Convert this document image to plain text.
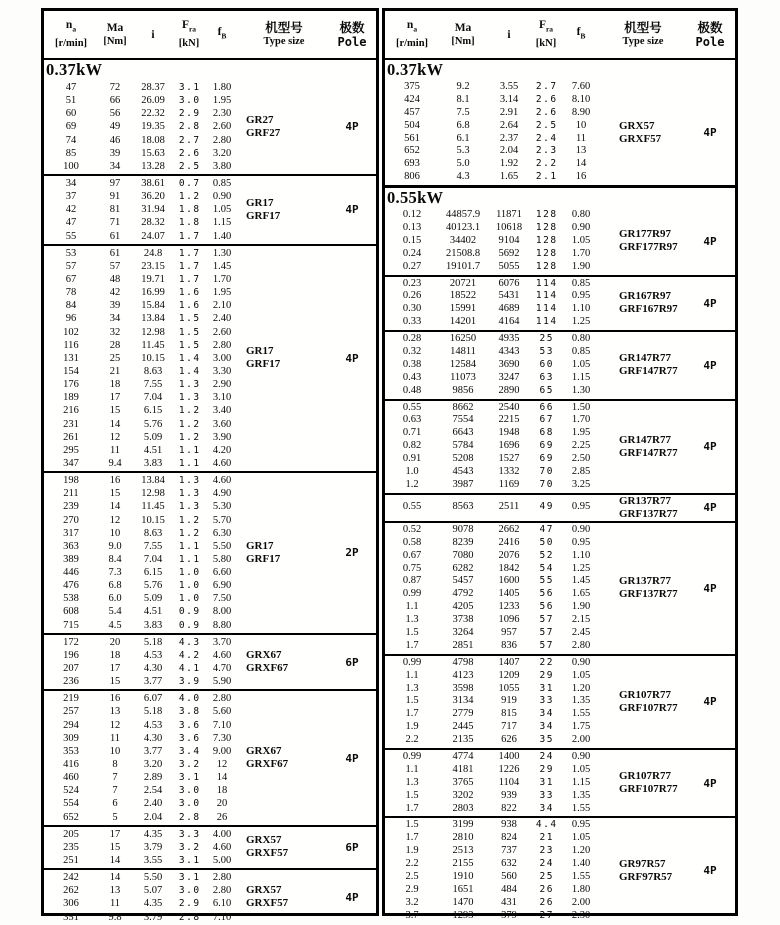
$n_a$
[r/min]
Ma
[Nm]
i
$F_{ra}$
[kN]
$f_B$
机型号
Type size
极数
Pole
0.37kW
47	72	28.37	3.1	1.80
51	66	26.09	3.0	1.95
60	56	22.32	2.9	2.30
69	49	19.35	2.8	2.60
74	46	18.08	2.7	2.80
85	39	15.63	2.6	3.20
100	34	13.28	2.5	3.80
GR27
GRF27	4P
34	97	38.61	0.7	0.85
37	91	36.20	1.2	0.90
42	81	31.94	1.8	1.05
47	71	28.32	1.8	1.15
55	61	24.07	1.7	1.40
GR17
GRF17	4P
53	61	24.8	1.7	1.30
57	57	23.15	1.7	1.45
67	48	19.71	1.7	1.70
78	42	16.99	1.6	1.95
84	39	15.84	1.6	2.10
96	34	13.84	1.5	2.40
102	32	12.98	1.5	2.60
116	28	11.45	1.5	2.80
131	25	10.15	1.4	3.00
154	21	8.63	1.4	3.30
176	18	7.55	1.3	2.90
189	17	7.04	1.3	3.10
216	15	6.15	1.2	3.40
231	14	5.76	1.2	3.60
261	12	5.09	1.2	3.90
295	11	4.51	1.1	4.20
347	9.4	3.83	1.1	4.60
GR17
GRF17	4P
198	16	13.84	1.3	4.60
211	15	12.98	1.3	4.90
239	14	11.45	1.3	5.30
270	12	10.15	1.2	5.70
317	10	8.63	1.2	6.30
363	9.0	7.55	1.1	5.50
389	8.4	7.04	1.1	5.80
446	7.3	6.15	1.0	6.60
476	6.8	5.76	1.0	6.90
538	6.0	5.09	1.0	7.50
608	5.4	4.51	0.9	8.00
715	4.5	3.83	0.9	8.80
GR17
GRF17	2P
172	20	5.18	4.3	3.70
196	18	4.53	4.2	4.60
207	17	4.30	4.1	4.70
236	15	3.77	3.9	5.90
GRX67
GRXF67	6P
219	16	6.07	4.0	2.80
257	13	5.18	3.8	5.60
294	12	4.53	3.6	7.10
309	11	4.30	3.6	7.30
353	10	3.77	3.4	9.00
416	8	3.20	3.2	12
460	7	2.89	3.1	14
524	7	2.54	3.0	18
554	6	2.40	3.0	20
652	5	2.04	2.8	26
GRX67
GRXF67	4P
205	17	4.35	3.3	4.00
235	15	3.79	3.2	4.60
251	14	3.55	3.1	5.00
GRX57
GRXF57	6P
242	14	5.50	3.1	2.80
262	13	5.07	3.0	2.80
306	11	4.35	2.9	6.10
351	9.8	3.79	2.8	7.10
GRX57
GRXF57	4P
$n_a$
[r/min]
Ma
[Nm]
i
$F_{ra}$
[kN]
$f_B$
机型号
Type size
极数
Pole
0.37kW
375	9.2	3.55	2.7	7.60
424	8.1	3.14	2.6	8.10
457	7.5	2.91	2.6	8.90
504	6.8	2.64	2.5	10
561	6.1	2.37	2.4	11
652	5.3	2.04	2.3	13
693	5.0	1.92	2.2	14
806	4.3	1.65	2.1	16
GRX57
GRXF57	4P
0.55kW
0.12	44857.9	11871	128	0.80
0.13	40123.1	10618	128	0.90
0.15	34402	9104	128	1.05
0.24	21508.8	5692	128	1.70
0.27	19101.7	5055	128	1.90
GR177R97
GRF177R97	4P
0.23	20721	6076	114	0.85
0.26	18522	5431	114	0.95
0.30	15991	4689	114	1.10
0.33	14201	4164	114	1.25
GR167R97
GRF167R97	4P
0.28	16250	4935	25	0.80
0.32	14811	4343	53	0.85
0.38	12584	3690	60	1.05
0.43	11073	3247	63	1.15
0.48	9856	2890	65	1.30
GR147R77
GRF147R77	4P
0.55	8662	2540	66	1.50
0.63	7554	2215	67	1.70
0.71	6643	1948	68	1.95
0.82	5784	1696	69	2.25
0.91	5208	1527	69	2.50
1.0	4543	1332	70	2.85
1.2	3987	1169	70	3.25
GR147R77
GRF147R77	4P
0.55	8563	2511	49	0.95
GR137R77
GRF137R77	4P
0.52	9078	2662	47	0.90
0.58	8239	2416	50	0.95
0.67	7080	2076	52	1.10
0.75	6282	1842	54	1.25
0.87	5457	1600	55	1.45
0.99	4792	1405	56	1.65
1.1	4205	1233	56	1.90
1.3	3738	1096	57	2.15
1.5	3264	957	57	2.45
1.7	2851	836	57	2.80
GR137R77
GRF137R77	4P
0.99	4798	1407	22	0.90
1.1	4123	1209	29	1.05
1.3	3598	1055	31	1.20
1.5	3134	919	33	1.35
1.7	2779	815	34	1.55
1.9	2445	717	34	1.75
2.2	2135	626	35	2.00
GR107R77
GRF107R77	4P
0.99	4774	1400	24	0.90
1.1	4181	1226	29	1.05
1.3	3765	1104	31	1.15
1.5	3202	939	33	1.35
1.7	2803	822	34	1.55
GR107R77
GRF107R77	4P
1.5	3199	938	4.4	0.95
1.7	2810	824	21	1.05
1.9	2513	737	23	1.20
2.2	2155	632	24	1.40
2.5	1910	560	25	1.55
2.9	1651	484	26	1.80
3.2	1470	431	26	2.00
3.7	1293	379	27	2.30
GR97R57
GRF97R57	4P
